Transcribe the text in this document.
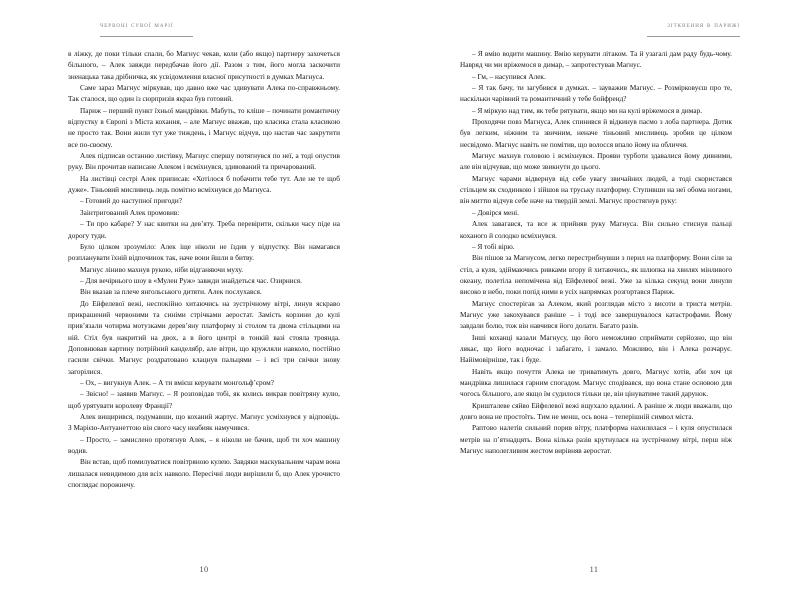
червоні сувої марії

в ліжку, де поки тільки спали, бо Магнус чекав, коли (або якщо) партнеру захочеться більшого, – Алек завжди передбачав його дії. Разом з тим, його могла заскочити зненацька така дрібничка, як усвідомлення власної присутності в думках Магнуса.

Саме зараз Магнус міркував, що давно вже час здивувати Алека по-справжньому. Так сталося, що один із сюрпризів якраз був готовий.

Париж – перший пункт їхньої мандрівки. Мабуть, то кліше – починати романтичну відпустку в Європі з Міста кохання, – але Магнус вважав, що класика стала класикою не просто так. Вони жили тут уже тиждень, і Магнус відчув, що настав час закрутити все по-своєму.

Алек підписав останню листівку, Магнус спершу потягнувся по неї, а тоді опустив руку. Він прочитав написане Алеком і всміхнувся, здивований та причарований.

На листівці сестрі Алек приписав: «Хотілося б побачити тебе тут. Але не те щоб дуже». Тіньовий мисливець ледь помітно всміхнувся до Магнуса.

– Готовий до наступної пригоди?

Заінтригований Алек промовив:

– Ти про кабаре? У нас квитки на дев’яту. Треба перевірити, скільки часу піде на дорогу туди.

Було цілком зрозуміло: Алек іще ніколи не їздив у відпустку. Він намагався розпланувати їхній відпочинок так, наче вони йшли в битву.

Магнус ліниво махнув рукою, ніби відганяючи муху.

– Для вечірнього шоу в «Мулен Руж» завжди знайдеться час. Озирнися.

Він вказав за плече янгольського дитяти. Алек послухався.

До Ейфелевої вежі, неспокійно хитаючись на зустрічному вітрі, линув яскраво прикрашений червоними та синіми стрічками аеростат. Замість корзини до кулі прив’язали чотирма мотузками дерев’яну платформу зі столом та двома стільцями на ній. Стіл був накритий на двох, а в його центрі в тонкій вазі стояла троянда. Доповнював картину потрійний канделябр, але вітри, що кружляли навколо, постійно гасили свічки. Магнус роздратовано клацнув пальцями – і всі три свічки знову загорілися.

– Ох, – вигукнув Алек. – А ти вмієш керувати монгольф’єром?

– Звісно! – заявив Магнус. – Я розповідав тобі, як колись викрав повітряну кулю, щоб урятувати королеву Франції?

Алек вищирився, подумавши, що коханий жартує. Магнус усміхнувся у відповідь. З Марією-Антуанеттою він свого часу неабияк намучився.

– Просто, – замислено протягнув Алек, – я ніколи не бачив, щоб ти хоч машину водив.

Він встав, щоб помилуватися повітряною кулею. Завдяки маскувальним чарам вона лишалася невидимою для всіх навколо. Пересічні люди вирішили б, що Алек урочисто споглядає порожнечу.

10
зіткнення в парижі

– Я вмію водити машину. Вмію керувати літаком. Та й узагалі дам раду будь-чому. Навряд чи ми вріжемося в димар, – запротестував Магнус.

– Гм, – насупився Алек.

– Я так бачу, ти загубився в думках. – зауважив Магнус. – Розмірковуєш про те, наскільки чарівний та романтичний у тебе бойфренд?

– Я міркую над тим, як тебе рятувати, якщо ми на кулі вріжемося в димар.

Проходячи повз Магнуса, Алек спинився й відкинув пасмо з лоба партнера. Дотик був легким, ніжним та звичним, неначе тіньовий мисливець зробив це цілком несвідомо. Магнус навіть не помітив, що волосся впало йому на обличчя.

Магнус махнув головою і всміхнувся. Прояви турботи здавалися йому дивними, але він відчував, що може звикнути до цього.

Магнус чарами відвернув від себе увагу звичайних людей, а тоді скористався стільцем як сходинкою і зійшов на труську платформу. Ступивши на неї обома ногами, він миттю відчув себе наче на твердій землі. Магнус простягнув руку:

– Довірся мені.

Алек завагався, та все ж прийняв руку Магнуса. Він сильно стиснув пальці коханого й солодко всміхнувся.

– Я тобі вірю.

Він пішов за Магнусом, легко перестрибнувши з перил на платформу. Вони сіли за стіл, а куля, здіймаючись ривками вгору й хитаючись, як шлюпка на хвилях мінливого океану, полетіла непомічена від Ейфелевої вежі. Уже за кілька секунд вони линули високо в небо, поки попід ними в усіх напрямках розгортався Париж.

Магнус спостерігав за Алеком, який розглядав місто з висоти в триста метрів. Магнус уже закохувався раніше – і тоді все завершувалося катастрофами. Йому завдали болю, тож він навчився його долати. Багато разів.

Інші коханці казали Магнусу, що його неможливо сприймати серйозно, що він лякає, що його водночас і забагато, і замало. Можливо, він і Алека розчарує. Найімовірніше, так і буде.

Навіть якщо почуття Алека не триватимуть довго, Магнус хотів, аби хоч ця мандрівка лишилася гарним спогадом. Магнус сподівався, що вона стане основою для чогось більшого, але якщо їм судилося тільки це, він цінуватиме такий дарунок.

Кришталеве сяйво Ейфелевої вежі вщухало вдалині. А раніше ж люди вважали, що довго вона не простоїть. Тим не менш, ось вона – теперішній символ міста.

Раптово налетів сильний порив вітру, платформа нахилилася – і куля опустилася метрів на п’ятнадцять. Вона кілька разів крутнулася на зустрічному вітрі, перш ніж Магнус наполегливим жестом вирівняв аеростат.

11
